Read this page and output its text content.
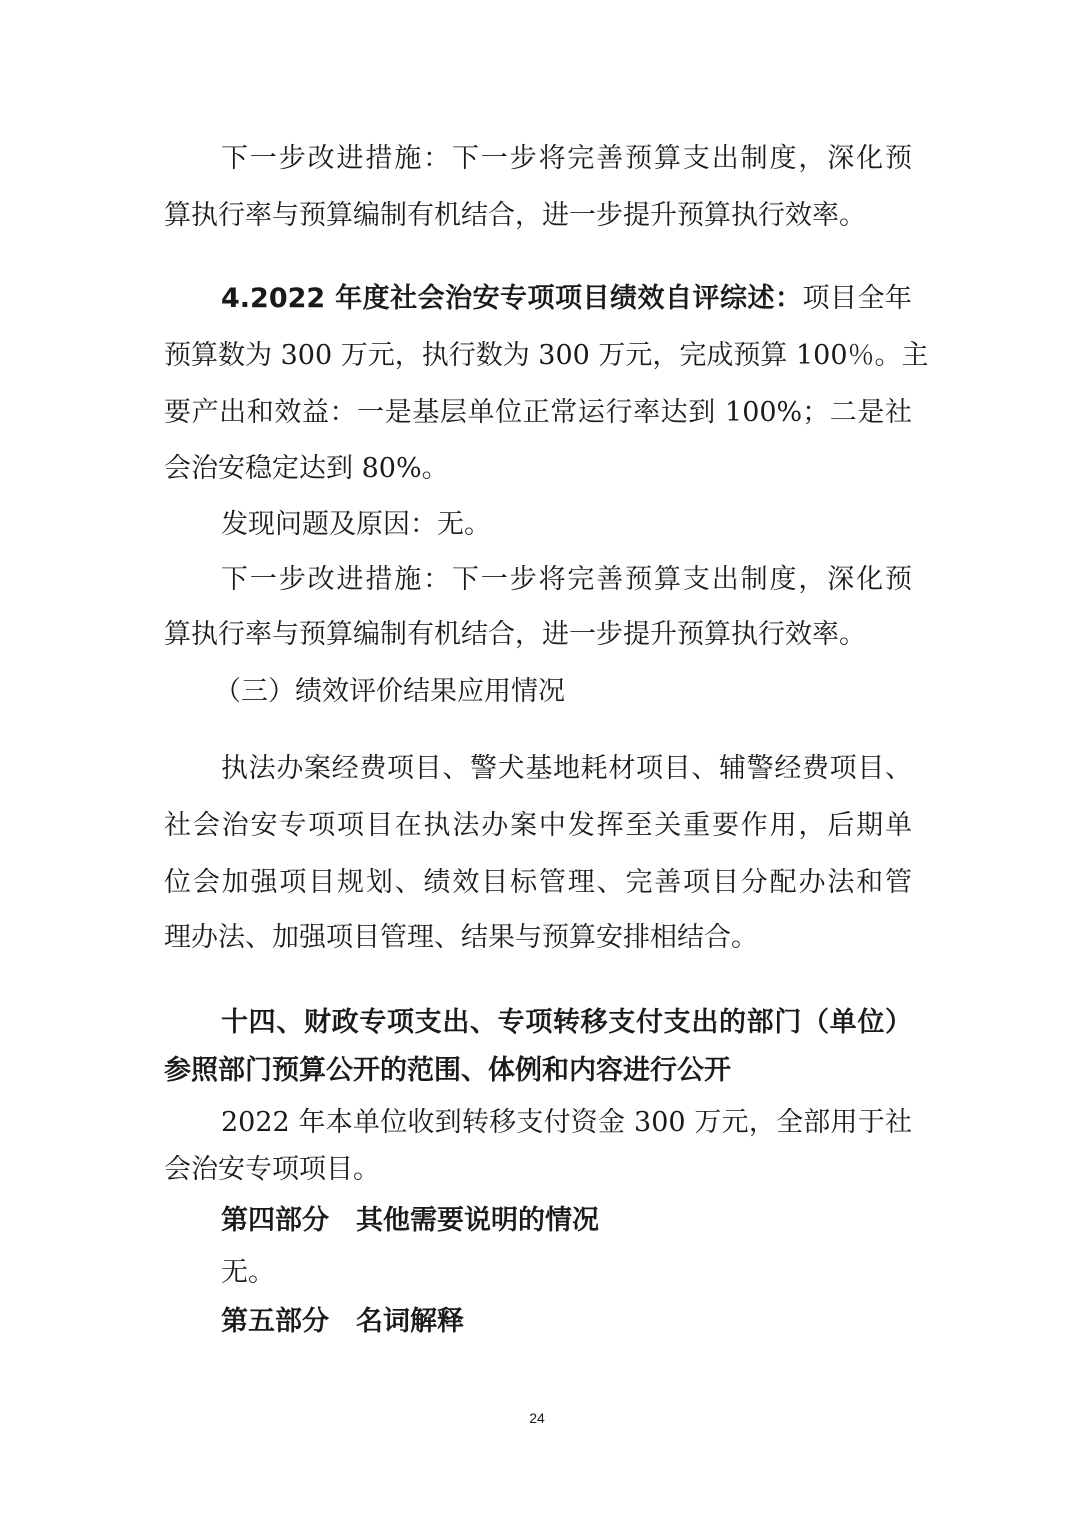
下一步改进措施：下一步将完善预算支出制度，深化预
算执行率与预算编制有机结合，进一步提升预算执行效率。
4.2022 年度社会治安专项项目绩效自评综述：项目全年
预算数为 300 万元，执行数为 300 万元，完成预算 100％。主
要产出和效益：一是基层单位正常运行率达到 100%；二是社
会治安稳定达到 80%。
发现问题及原因：无。
下一步改进措施：下一步将完善预算支出制度，深化预
算执行率与预算编制有机结合，进一步提升预算执行效率。
（三）绩效评价结果应用情况
执法办案经费项目、警犬基地耗材项目、辅警经费项目、
社会治安专项项目在执法办案中发挥至关重要作用，后期单
位会加强项目规划、绩效目标管理、完善项目分配办法和管
理办法、加强项目管理、结果与预算安排相结合。
十四、财政专项支出、专项转移支付支出的部门（单位）
参照部门预算公开的范围、体例和内容进行公开
2022 年本单位收到转移支付资金 300 万元，全部用于社
会治安专项项目。
第四部分　其他需要说明的情况
无。
第五部分　名词解释
24
